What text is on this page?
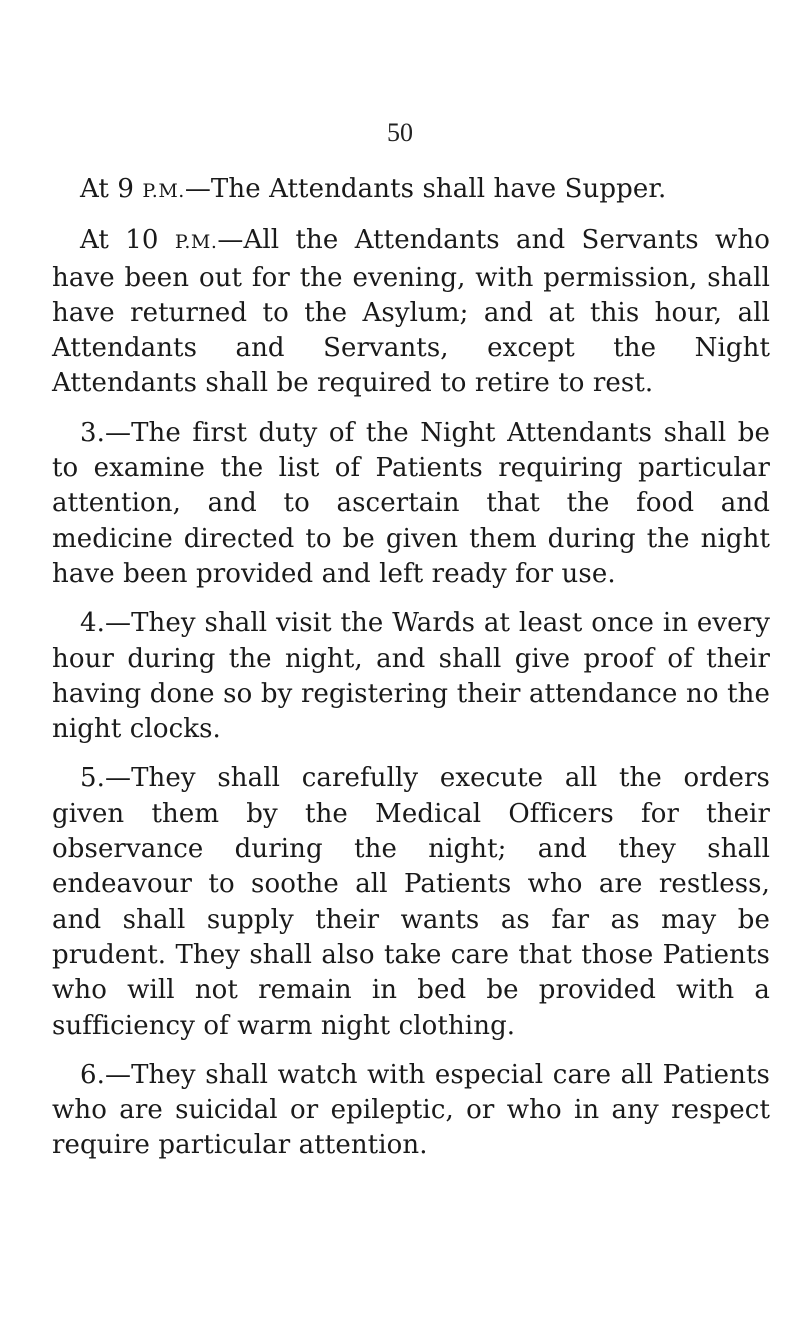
50

At 9 P.M.—The Attendants shall have Supper.

At 10 P.M.—All the Attendants and Servants who have been out for the evening, with permission, shall have returned to the Asylum; and at this hour, all Attendants and Servants, except the Night Attendants shall be required to retire to rest.

3.—The first duty of the Night Attendants shall be to examine the list of Patients requiring particular attention, and to ascertain that the food and medicine directed to be given them during the night have been provided and left ready for use.

4.—They shall visit the Wards at least once in every hour during the night, and shall give proof of their having done so by registering their attendance no the night clocks.

5.—They shall carefully execute all the orders given them by the Medical Officers for their observance during the night; and they shall endeavour to soothe all Patients who are restless, and shall supply their wants as far as may be prudent. They shall also take care that those Patients who will not remain in bed be provided with a sufficiency of warm night clothing.

6.—They shall watch with especial care all Patients who are suicidal or epileptic, or who in any respect require particular attention.
